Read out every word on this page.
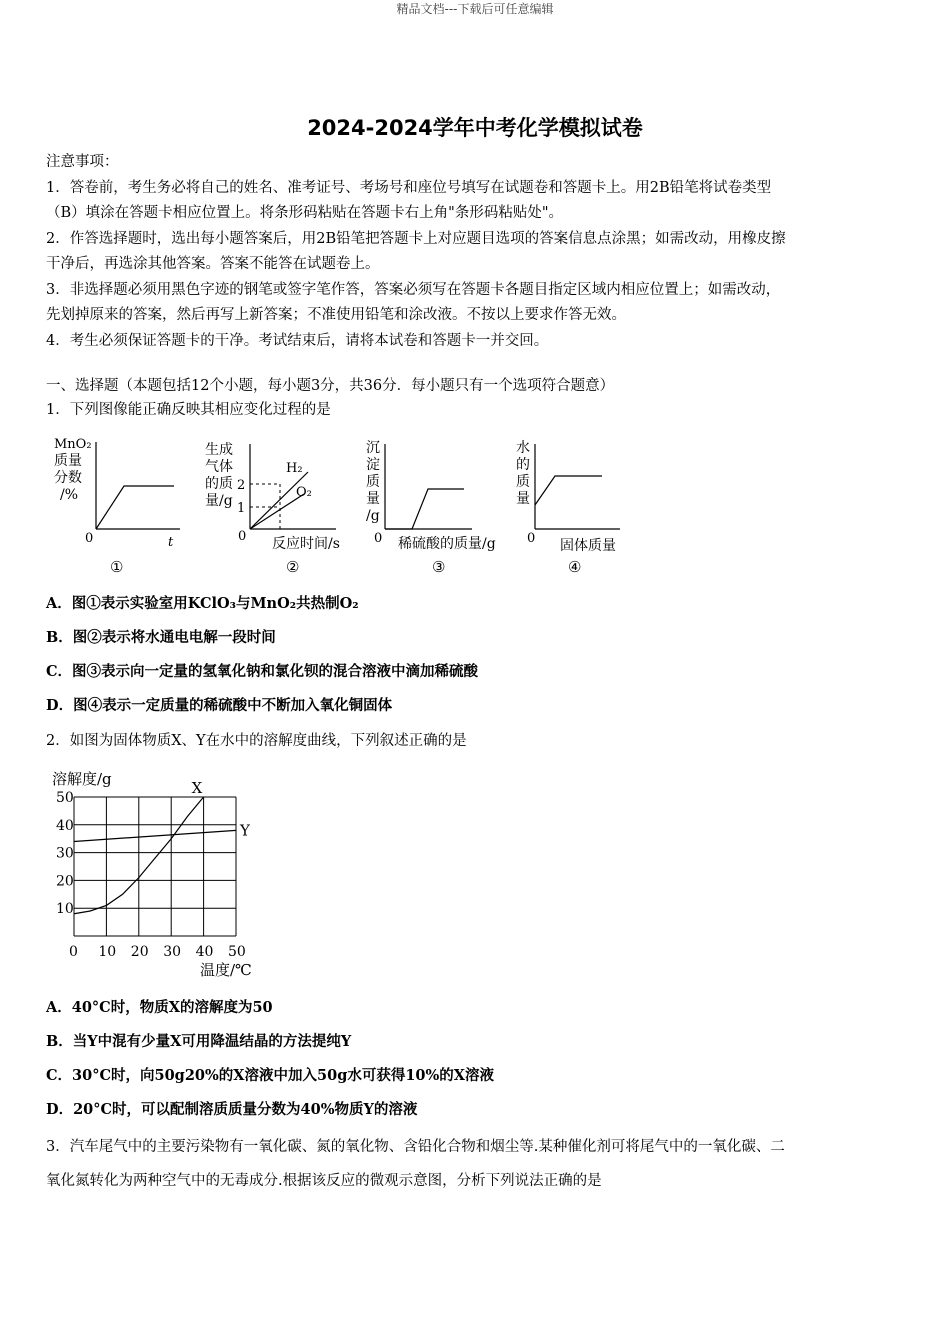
精品文档---下载后可任意编辑
2024-2024学年中考化学模拟试卷

注意事项：

1．答卷前，考生务必将自己的姓名、准考证号、考场号和座位号填写在试题卷和答题卡上。用2B铅笔将试卷类型

（B）填涂在答题卡相应位置上。将条形码粘贴在答题卡右上角"条形码粘贴处"。

2．作答选择题时，选出每小题答案后，用2B铅笔把答题卡上对应题目选项的答案信息点涂黑；如需改动，用橡皮擦

干净后，再选涂其他答案。答案不能答在试题卷上。

3．非选择题必须用黑色字迹的钢笔或签字笔作答，答案必须写在答题卡各题目指定区域内相应位置上；如需改动，

先划掉原来的答案，然后再写上新答案；不准使用铅笔和涂改液。不按以上要求作答无效。

4．考生必须保证答题卡的干净。考试结束后，请将本试卷和答题卡一并交回。

一、选择题（本题包括12个小题，每小题3分，共36分．每小题只有一个选项符合题意）
1．下列图像能正确反映其相应变化过程的是
MnO₂
质量
分数
/%
0	t
①
生成
气体
的质
量/g
2
1
H₂
O₂
0 反应时间/s
②
沉
淀
质
量
/g
0 稀硫酸的质量/g
③
水
的
质
量
0 固体质量
④
A．图①表示实验室用KClO₃与MnO₂共热制O₂
B．图②表示将水通电电解一段时间
C．图③表示向一定量的氢氧化钠和氯化钡的混合溶液中滴加稀硫酸
D．图④表示一定质量的稀硫酸中不断加入氧化铜固体
2．如图为固体物质X、Y在水中的溶解度曲线，下列叙述正确的是
溶解度/g
温度/℃
0 10 20 30 40 50
10
20
30
40
50
X
Y
A．40°C时，物质X的溶解度为50
B．当Y中混有少量X可用降温结晶的方法提纯Y
C．30°C时，向50g20%的X溶液中加入50g水可获得10%的X溶液
D．20°C时，可以配制溶质质量分数为40%物质Y的溶液
3．汽车尾气中的主要污染物有一氧化碳、氮的氧化物、含铅化合物和烟尘等.某种催化剂可将尾气中的一氧化碳、二
氧化氮转化为两种空气中的无毒成分.根据该反应的微观示意图，分析下列说法正确的是
